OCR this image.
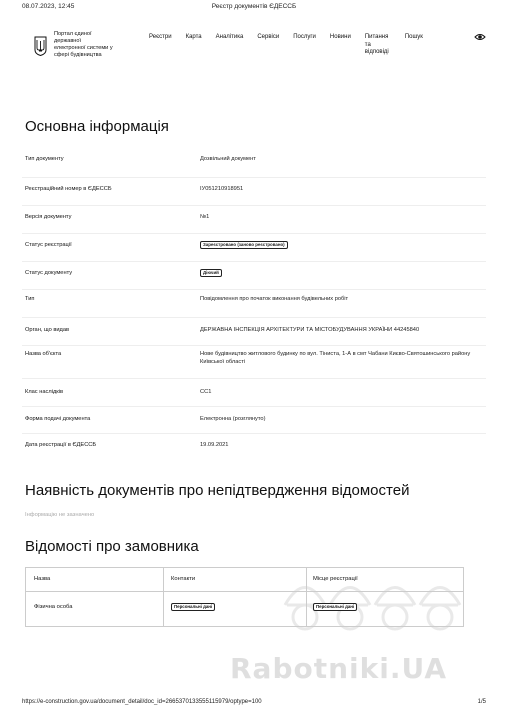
08.07.2023, 12:45	Реєстр документів ЄДЕССБ
Портал єдиної державної електронної системи у сфері будівництва
Реєстри Карта Аналітика Сервіси Послуги Новини Питання та відповіді
Пошук
Основна інформація
Тип документу	Дозвільний документ
Реєстраційний номер в ЄДЕССБ	ІУ051210918951
Версія документу	№1
Статус реєстрації	Зареєстровано (заново реєстровано)
Статус документу	Діючий
Тип	Повідомлення про початок виконання будівельних робіт
Орган, що видав	ДЕРЖАВНА ІНСПЕКЦІЯ АРХІТЕКТУРИ ТА МІСТОБУДУВАННЯ УКРАЇНИ 44245840
Назва об'єкта	Нове будівництво житлового будинку по вул. Тіниста, 1-А в смт Чабани Києво-Святошинського району Київської області
Клас наслідків	СС1
Форма подачі документа	Електронна (розглянуто)
Дата реєстрації в ЄДЕССБ	19.09.2021
Наявність документів про непідтвердження відомостей
Інформацію не зазначено
Відомості про замовника
Назва	Контакти	Місце реєстрації
Фізична особа	Персональні дані	Персональні дані
Rabotniki.UA
https://e-construction.gov.ua/document_detail/doc_id=2665370133555115979/optype=100	1/5
